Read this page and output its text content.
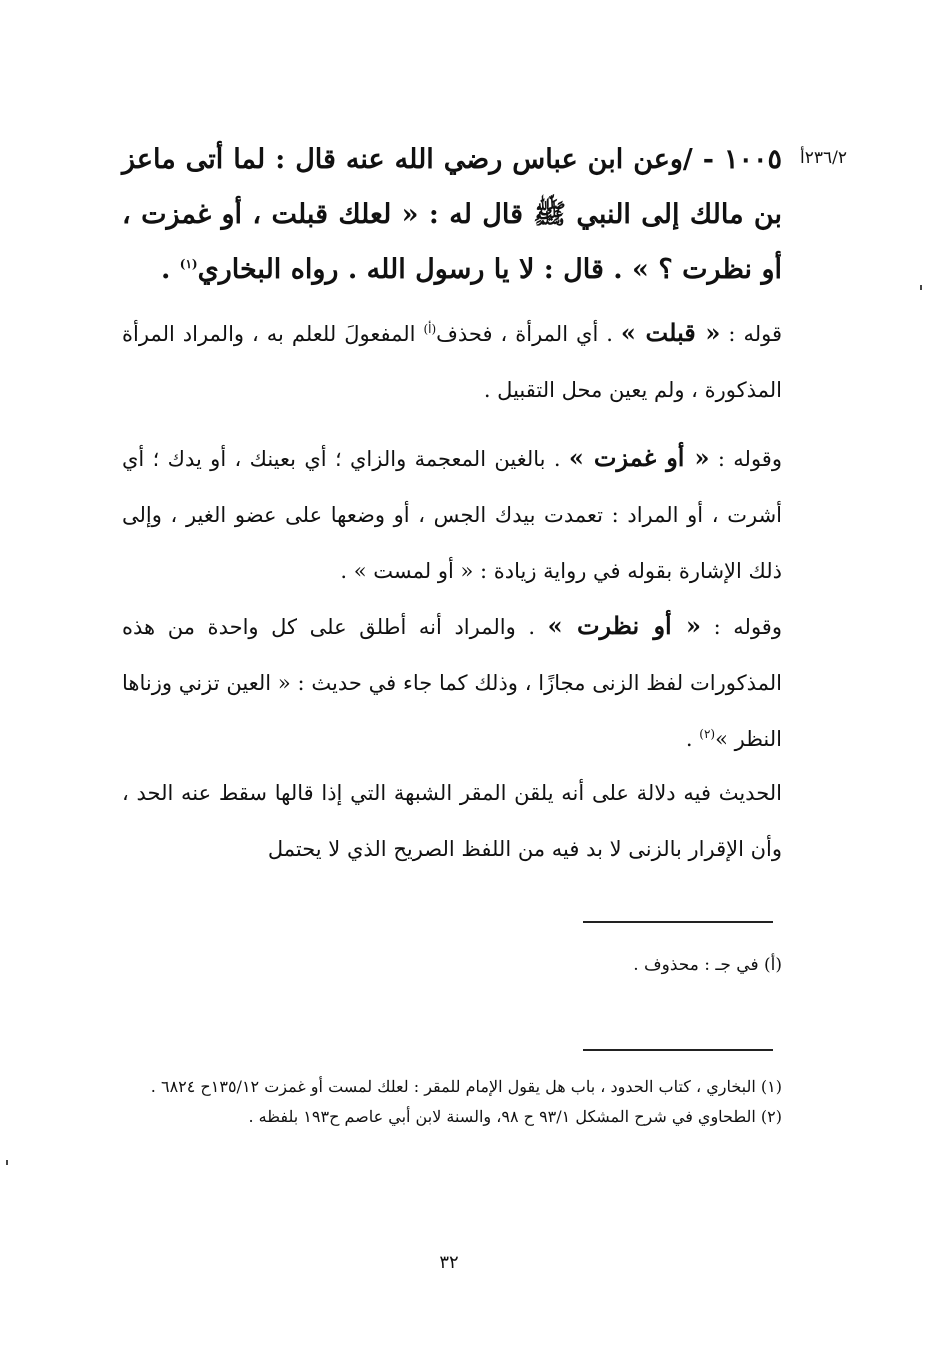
٢٣٦/٢أ
١٠٠٥ - /وعن ابن عباس رضي الله عنه قال : لما أتى ماعز بن مالك إلى النبي ﷺ قال له : « لعلك قبلت ، أو غمزت ، أو نظرت ؟ » . قال : لا يا رسول الله . رواه البخاري$^{(١)}$ .
قوله : « قبلت » . أي المرأة ، فحذف$^{(أ)}$ المفعولَ للعلم به ، والمراد المرأة المذكورة ، ولم يعين محل التقبيل .
وقوله : « أو غمزت » . بالغين المعجمة والزاي ؛ أي بعينك ، أو يدك ؛ أي أشرت ، أو المراد : تعمدت بيدك الجس ، أو وضعها على عضو الغير ، وإلى ذلك الإشارة بقوله في رواية زيادة : « أو لمست » .
وقوله : « أو نظرت » . والمراد أنه أطلق على كل واحدة من هذه المذكورات لفظ الزنى مجازًا ، وذلك كما جاء في حديث : « العين تزني وزناها النظر »$^{(٢)}$ .
الحديث فيه دلالة على أنه يلقن المقر الشبهة التي إذا قالها سقط عنه الحد ، وأن الإقرار بالزنى لا بد فيه من اللفظ الصريح الذي لا يحتمل
(أ) في جـ : محذوف .

(١) البخاري ، كتاب الحدود ، باب هل يقول الإمام للمقر : لعلك لمست أو غمزت ١٣٥/١٢ح ٦٨٢٤ .

(٢) الطحاوي في شرح المشكل ٩٣/١ ح ٩٨، والسنة لابن أبي عاصم ح١٩٣ بلفظه .

٣٢
